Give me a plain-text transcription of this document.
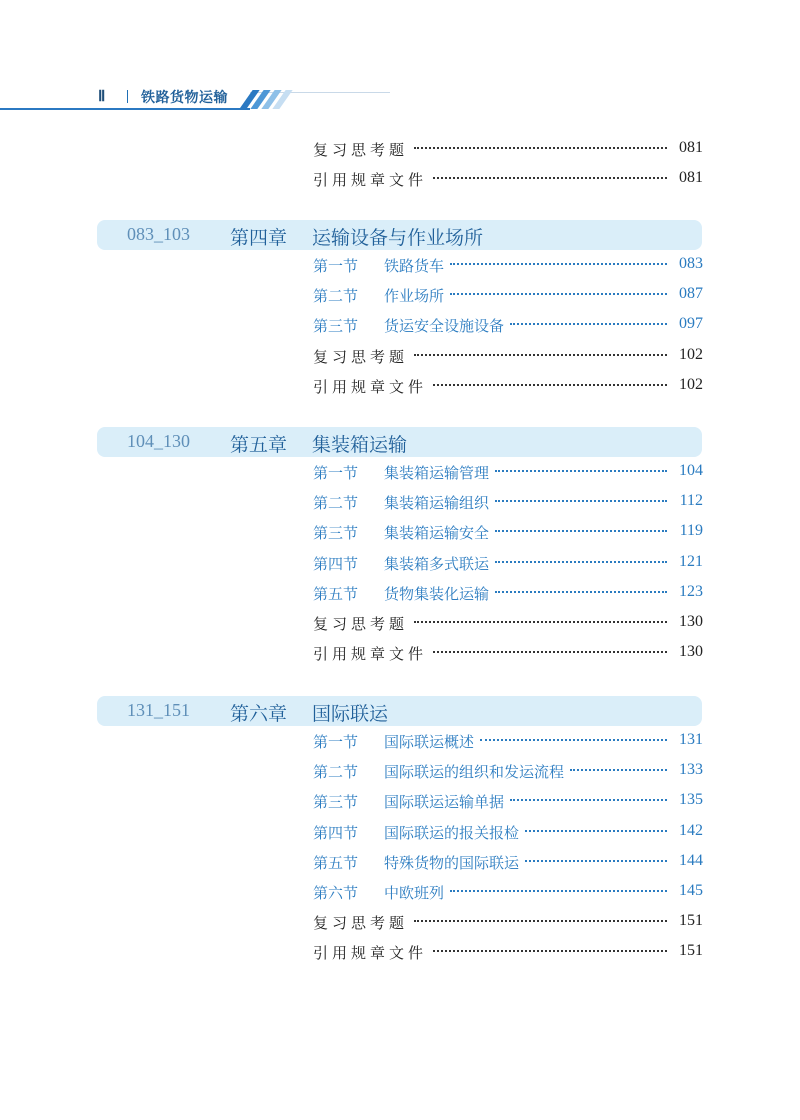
Ⅱ	铁路货物运输
复习思考题	081
引用规章文件	081
083_103 第四章 运输设备与作业场所
第一节 铁路货车	083
第二节 作业场所	087
第三节 货运安全设施设备	097
复习思考题	102
引用规章文件	102
104_130 第五章 集装箱运输
第一节 集装箱运输管理	104
第二节 集装箱运输组织	112
第三节 集装箱运输安全	119
第四节 集装箱多式联运	121
第五节 货物集装化运输	123
复习思考题	130
引用规章文件	130
131_151 第六章 国际联运
第一节 国际联运概述	131
第二节 国际联运的组织和发运流程	133
第三节 国际联运运输单据	135
第四节 国际联运的报关报检	142
第五节 特殊货物的国际联运	144
第六节 中欧班列	145
复习思考题	151
引用规章文件	151
